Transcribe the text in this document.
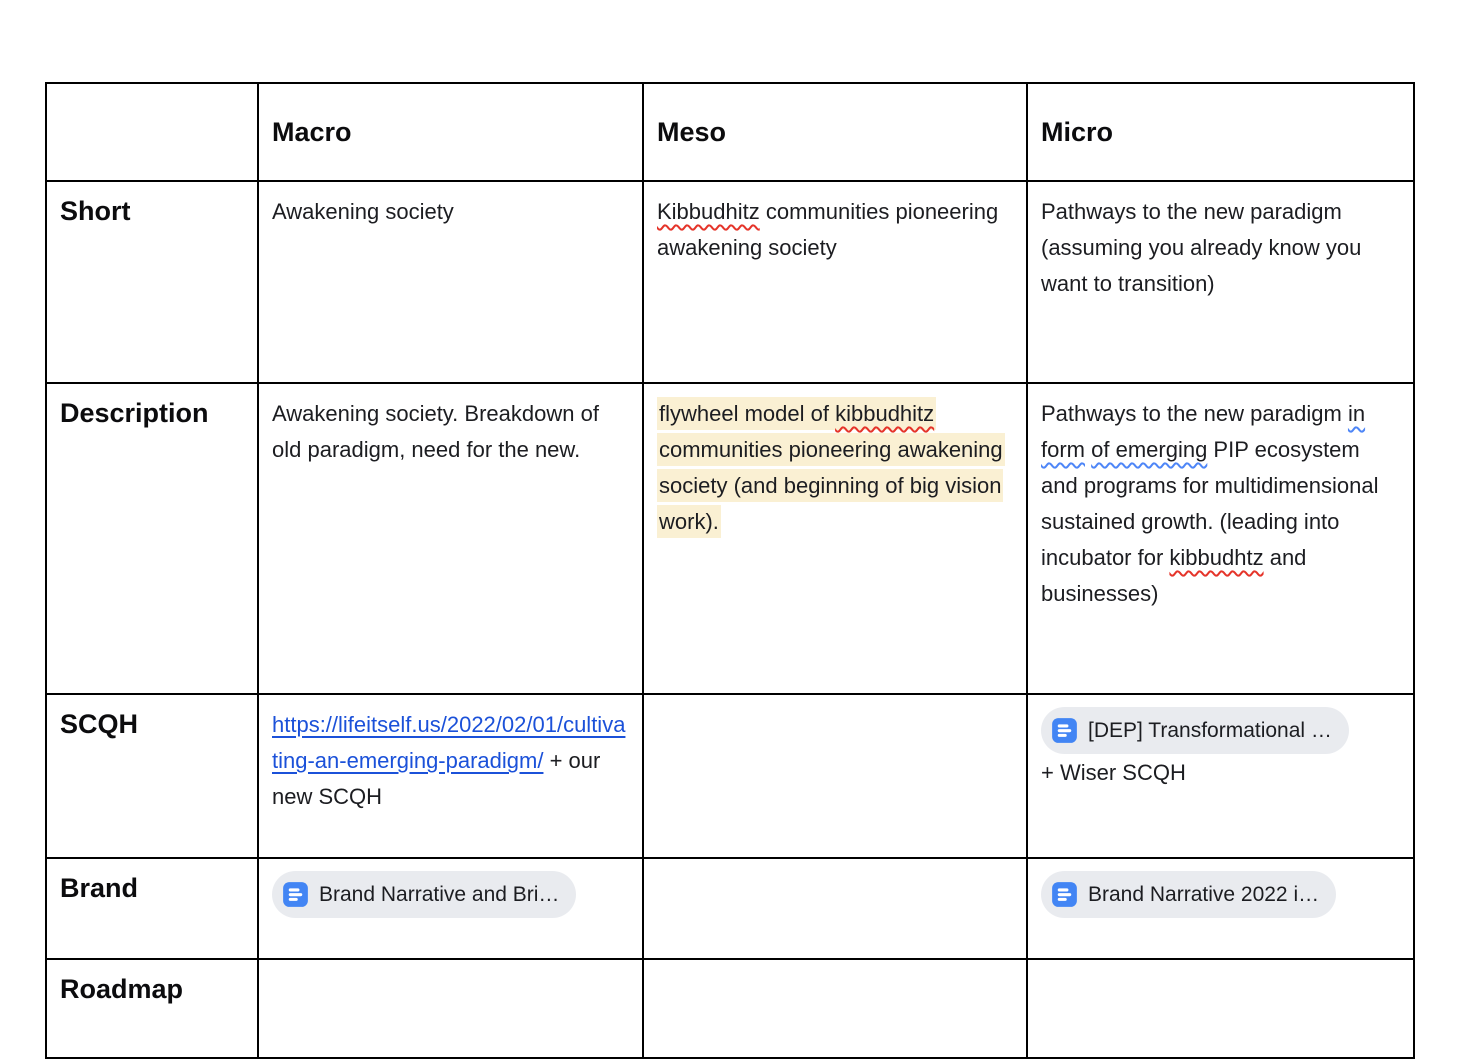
	Macro	Meso	Micro
Short	Awakening society	Kibbudhitz communities pioneering awakening society	Pathways to the new paradigm (assuming you already know you want to transition)
Description	Awakening society. Breakdown of old paradigm, need for the new.	flywheel model of kibbudhitz communities pioneering awakening society (and beginning of big vision work).	Pathways to the new paradigm in form of emerging PIP ecosystem and programs for multidimensional sustained growth. (leading into incubator for kibbudhtz and businesses)
SCQH	https://lifeitself.us/2022/02/01/cultivating-an-emerging-paradigm/ + our new SCQH		[DEP] Transformational …
+ Wiser SCQH

Brand	Brand Narrative and Bri…		Brand Narrative 2022 i…

Roadmap			
